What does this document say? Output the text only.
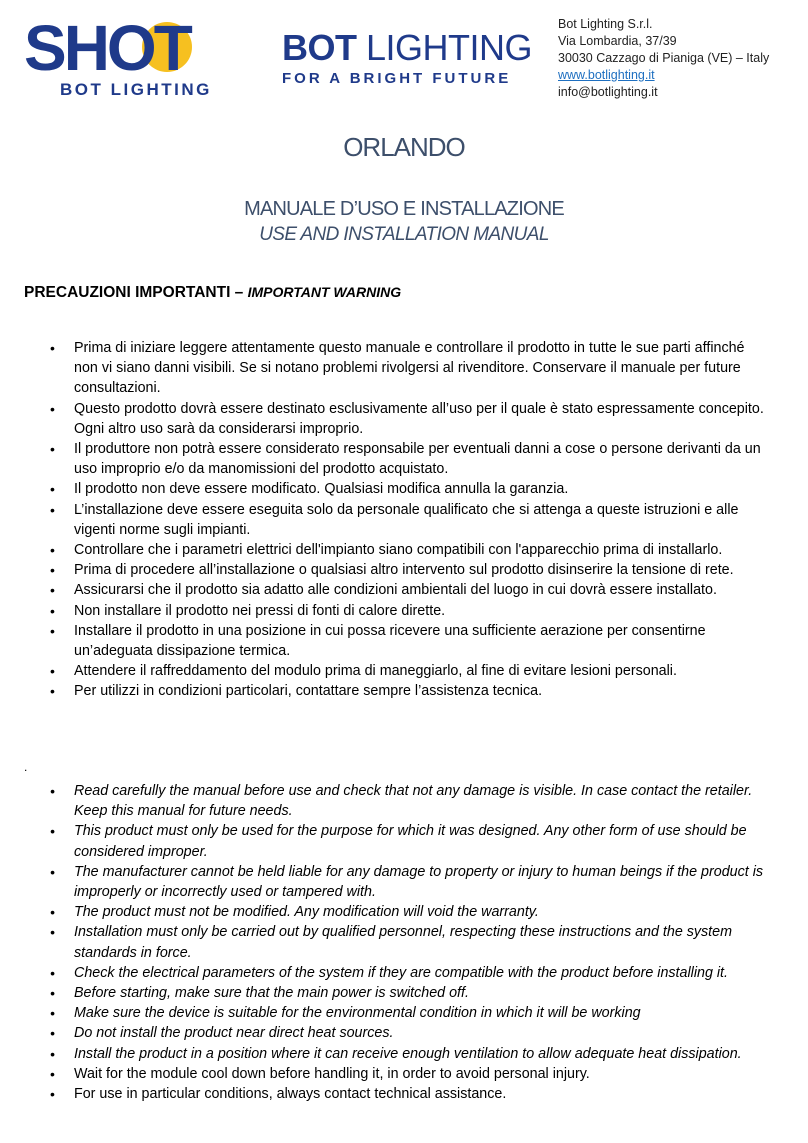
SHOT
BOT LIGHTING
BOT LIGHTING
FOR A BRIGHT FUTURE
Bot Lighting S.r.l.
Via Lombardia, 37/39
30030 Cazzago di Pianiga (VE) – Italy
www.botlighting.it
info@botlighting.it
ORLANDO
MANUALE D’USO E INSTALLAZIONE
USE AND INSTALLATION MANUAL
PRECAUZIONI IMPORTANTI – IMPORTANT WARNING
• Prima di iniziare leggere attentamente questo manuale e controllare il prodotto in tutte le sue parti affinché non vi siano danni visibili. Se si notano problemi rivolgersi al rivenditore. Conservare il manuale per future consultazioni.
• Questo prodotto dovrà essere destinato esclusivamente all’uso per il quale è stato espressamente concepito. Ogni altro uso sarà da considerarsi improprio.
• Il produttore non potrà essere considerato responsabile per eventuali danni a cose o persone derivanti da un uso improprio e/o da manomissioni del prodotto acquistato.
• Il prodotto non deve essere modificato. Qualsiasi modifica annulla la garanzia.
• L’installazione deve essere eseguita solo da personale qualificato che si attenga a queste istruzioni e alle vigenti norme sugli impianti.
• Controllare che i parametri elettrici dell'impianto siano compatibili con l'apparecchio prima di installarlo.
• Prima di procedere all’installazione o qualsiasi altro intervento sul prodotto disinserire la tensione di rete.
• Assicurarsi che il prodotto sia adatto alle condizioni ambientali del luogo in cui dovrà essere installato.
• Non installare il prodotto nei pressi di fonti di calore dirette.
• Installare il prodotto in una posizione in cui possa ricevere una sufficiente aerazione per consentirne un’adeguata dissipazione termica.
• Attendere il raffreddamento del modulo prima di maneggiarlo, al fine di evitare lesioni personali.
• Per utilizzi in condizioni particolari, contattare sempre l’assistenza tecnica.
.
• Read carefully the manual before use and check that not any damage is visible. In case contact the retailer. Keep this manual for future needs.
• This product must only be used for the purpose for which it was designed. Any other form of use should be considered improper.
• The manufacturer cannot be held liable for any damage to property or injury to human beings if the product is improperly or incorrectly used or tampered with.
• The product must not be modified. Any modification will void the warranty.
• Installation must only be carried out by qualified personnel, respecting these instructions and the system standards in force.
• Check the electrical parameters of the system if they are compatible with the product before installing it.
• Before starting, make sure that the main power is switched off.
• Make sure the device is suitable for the environmental condition in which it will be working
• Do not install the product near direct heat sources.
• Install the product in a position where it can receive enough ventilation to allow adequate heat dissipation.
• Wait for the module cool down before handling it, in order to avoid personal injury.
• For use in particular conditions, always contact technical assistance.
